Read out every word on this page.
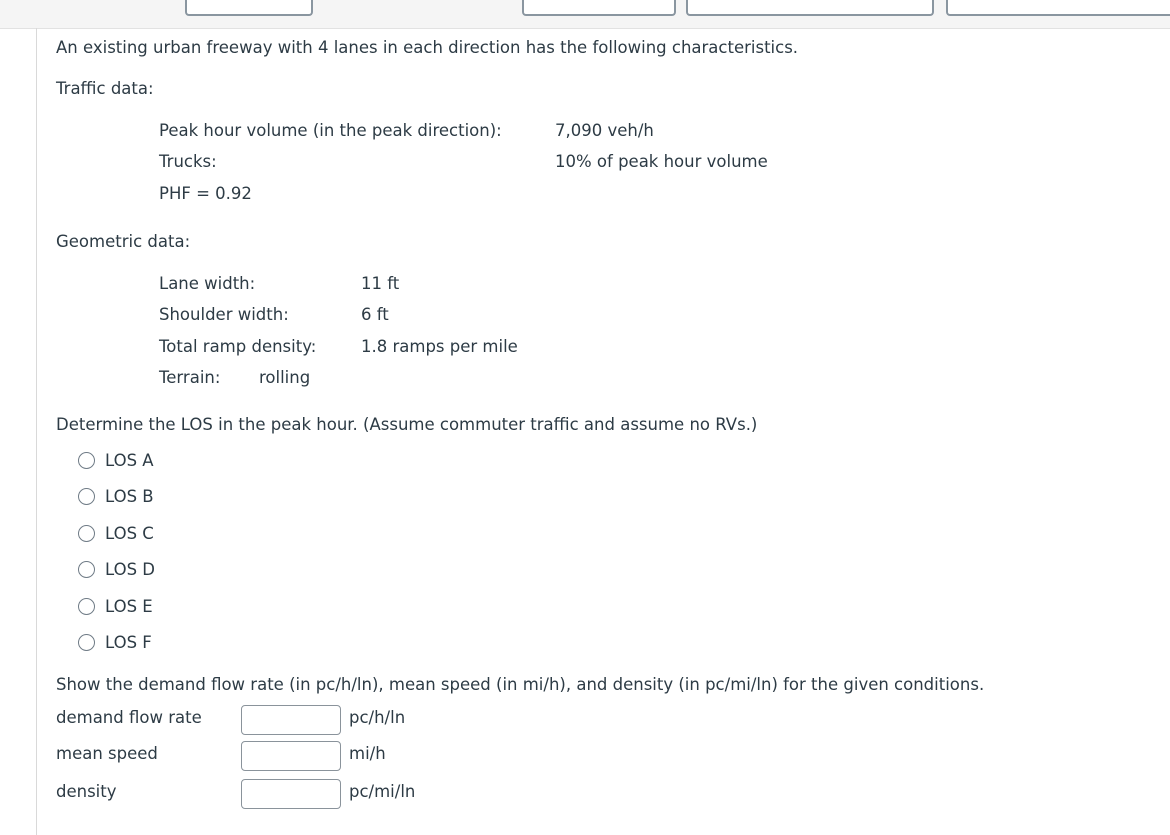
An existing urban freeway with 4 lanes in each direction has the following characteristics.
Traffic data:
Peak hour volume (in the peak direction):	7,090 veh/h
Trucks:	10% of peak hour volume
PHF = 0.92
Geometric data:
Lane width:	11 ft
Shoulder width:	6 ft
Total ramp density:	1.8 ramps per mile
Terrain: rolling
Determine the LOS in the peak hour. (Assume commuter traffic and assume no RVs.)
LOS A
LOS B
LOS C
LOS D
LOS E
LOS F
Show the demand flow rate (in pc/h/ln), mean speed (in mi/h), and density (in pc/mi/ln) for the given conditions.
demand flow rate	pc/h/ln
mean speed	mi/h
density	pc/mi/ln
